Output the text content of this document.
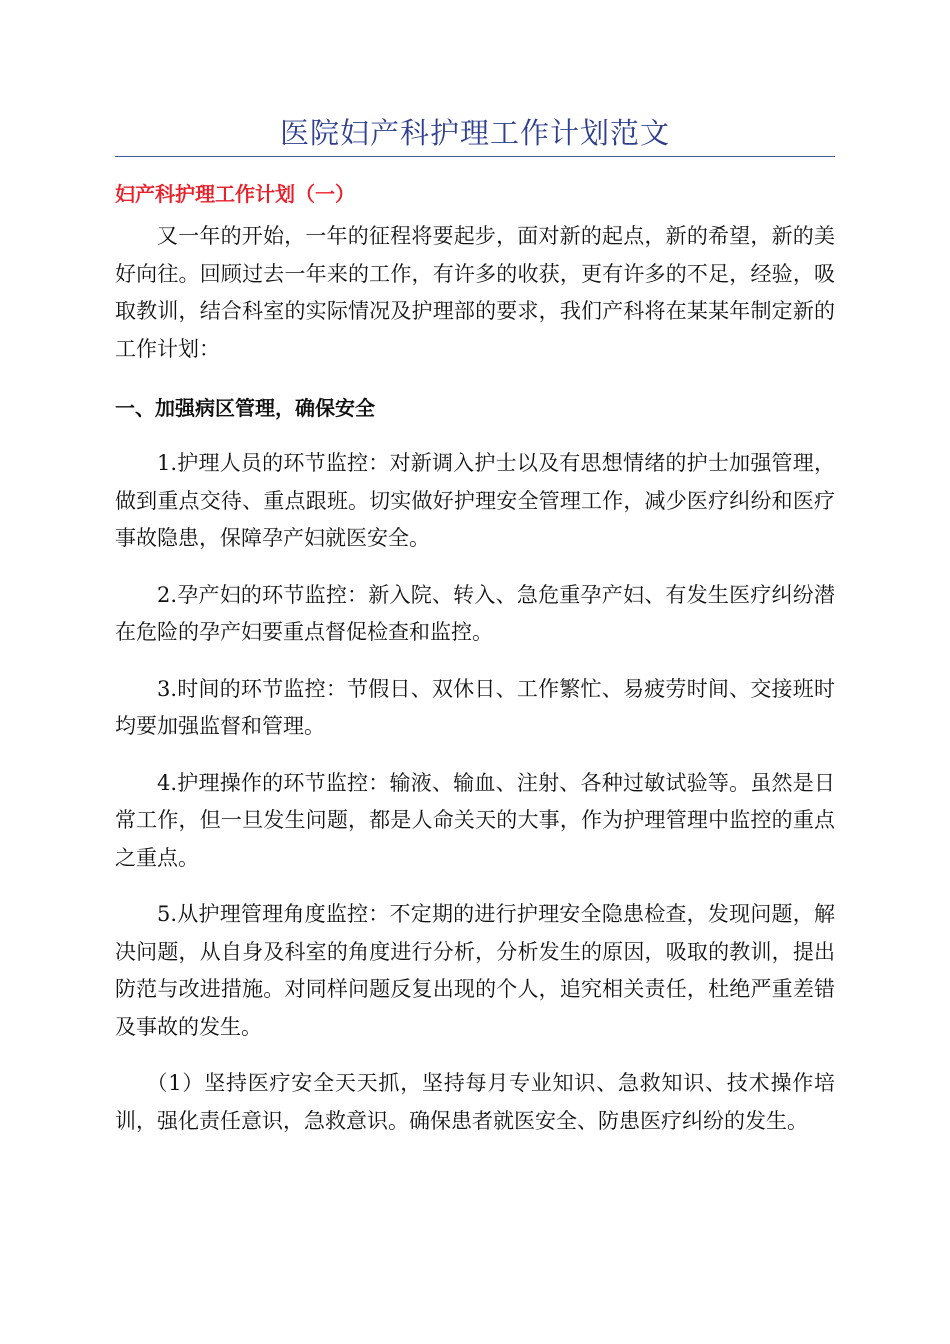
医院妇产科护理工作计划范文
妇产科护理工作计划（一）

又一年的开始，一年的征程将要起步，面对新的起点，新的希望，新的美好向往。回顾过去一年来的工作，有许多的收获，更有许多的不足，经验，吸取教训，结合科室的实际情况及护理部的要求，我们产科将在某某年制定新的工作计划：

一、加强病区管理，确保安全

1.护理人员的环节监控：对新调入护士以及有思想情绪的护士加强管理，做到重点交待、重点跟班。切实做好护理安全管理工作，减少医疗纠纷和医疗事故隐患，保障孕产妇就医安全。

2.孕产妇的环节监控：新入院、转入、急危重孕产妇、有发生医疗纠纷潜在危险的孕产妇要重点督促检查和监控。

3.时间的环节监控：节假日、双休日、工作繁忙、易疲劳时间、交接班时均要加强监督和管理。

4.护理操作的环节监控：输液、输血、注射、各种过敏试验等。虽然是日常工作，但一旦发生问题，都是人命关天的大事，作为护理管理中监控的重点之重点。

5.从护理管理角度监控：不定期的进行护理安全隐患检查，发现问题，解决问题，从自身及科室的角度进行分析，分析发生的原因，吸取的教训，提出防范与改进措施。对同样问题反复出现的个人，追究相关责任，杜绝严重差错及事故的发生。

（1）坚持医疗安全天天抓，坚持每月专业知识、急救知识、技术操作培训，强化责任意识，急救意识。确保患者就医安全、防患医疗纠纷的发生。
